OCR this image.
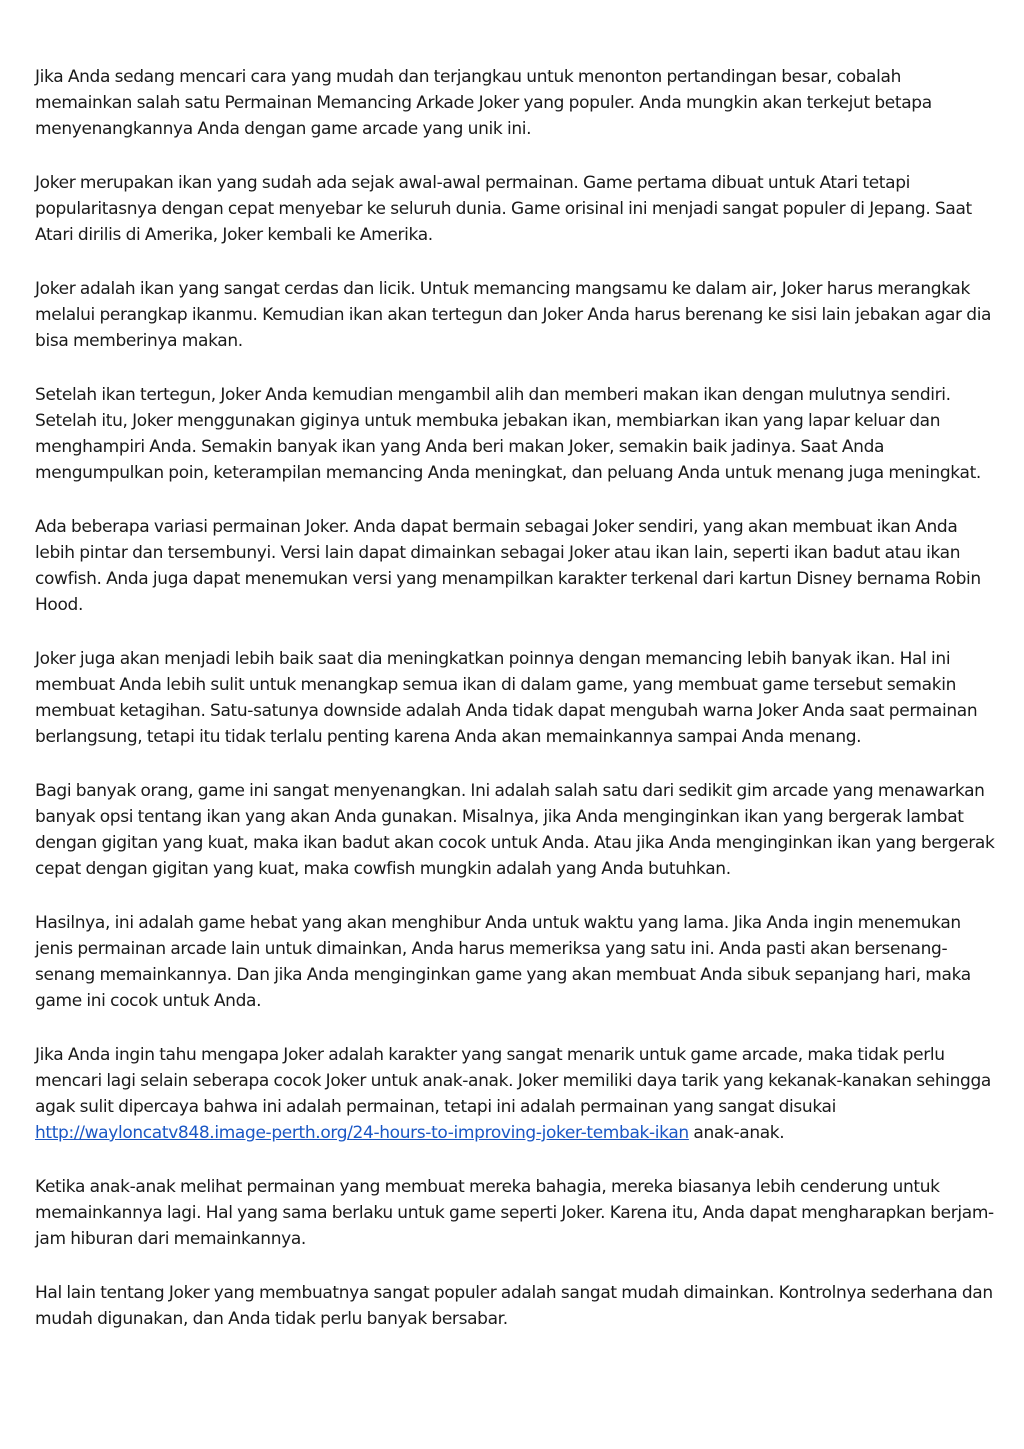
Jika Anda sedang mencari cara yang mudah dan terjangkau untuk menonton pertandingan besar, cobalah memainkan salah satu Permainan Memancing Arkade Joker yang populer. Anda mungkin akan terkejut betapa menyenangkannya Anda dengan game arcade yang unik ini.

Joker merupakan ikan yang sudah ada sejak awal-awal permainan. Game pertama dibuat untuk Atari tetapi popularitasnya dengan cepat menyebar ke seluruh dunia. Game orisinal ini menjadi sangat populer di Jepang. Saat Atari dirilis di Amerika, Joker kembali ke Amerika.

Joker adalah ikan yang sangat cerdas dan licik. Untuk memancing mangsamu ke dalam air, Joker harus merangkak melalui perangkap ikanmu. Kemudian ikan akan tertegun dan Joker Anda harus berenang ke sisi lain jebakan agar dia bisa memberinya makan.

Setelah ikan tertegun, Joker Anda kemudian mengambil alih dan memberi makan ikan dengan mulutnya sendiri. Setelah itu, Joker menggunakan giginya untuk membuka jebakan ikan, membiarkan ikan yang lapar keluar dan menghampiri Anda. Semakin banyak ikan yang Anda beri makan Joker, semakin baik jadinya. Saat Anda mengumpulkan poin, keterampilan memancing Anda meningkat, dan peluang Anda untuk menang juga meningkat.

Ada beberapa variasi permainan Joker. Anda dapat bermain sebagai Joker sendiri, yang akan membuat ikan Anda lebih pintar dan tersembunyi. Versi lain dapat dimainkan sebagai Joker atau ikan lain, seperti ikan badut atau ikan cowfish. Anda juga dapat menemukan versi yang menampilkan karakter terkenal dari kartun Disney bernama Robin Hood.

Joker juga akan menjadi lebih baik saat dia meningkatkan poinnya dengan memancing lebih banyak ikan. Hal ini membuat Anda lebih sulit untuk menangkap semua ikan di dalam game, yang membuat game tersebut semakin membuat ketagihan. Satu-satunya downside adalah Anda tidak dapat mengubah warna Joker Anda saat permainan berlangsung, tetapi itu tidak terlalu penting karena Anda akan memainkannya sampai Anda menang.

Bagi banyak orang, game ini sangat menyenangkan. Ini adalah salah satu dari sedikit gim arcade yang menawarkan banyak opsi tentang ikan yang akan Anda gunakan. Misalnya, jika Anda menginginkan ikan yang bergerak lambat dengan gigitan yang kuat, maka ikan badut akan cocok untuk Anda. Atau jika Anda menginginkan ikan yang bergerak cepat dengan gigitan yang kuat, maka cowfish mungkin adalah yang Anda butuhkan.

Hasilnya, ini adalah game hebat yang akan menghibur Anda untuk waktu yang lama. Jika Anda ingin menemukan jenis permainan arcade lain untuk dimainkan, Anda harus memeriksa yang satu ini. Anda pasti akan bersenang-senang memainkannya. Dan jika Anda menginginkan game yang akan membuat Anda sibuk sepanjang hari, maka game ini cocok untuk Anda.

Jika Anda ingin tahu mengapa Joker adalah karakter yang sangat menarik untuk game arcade, maka tidak perlu mencari lagi selain seberapa cocok Joker untuk anak-anak. Joker memiliki daya tarik yang kekanak-kanakan sehingga agak sulit dipercaya bahwa ini adalah permainan, tetapi ini adalah permainan yang sangat disukai http://wayloncatv848.image-perth.org/24-hours-to-improving-joker-tembak-ikan anak-anak.

Ketika anak-anak melihat permainan yang membuat mereka bahagia, mereka biasanya lebih cenderung untuk memainkannya lagi. Hal yang sama berlaku untuk game seperti Joker. Karena itu, Anda dapat mengharapkan berjam-jam hiburan dari memainkannya.

Hal lain tentang Joker yang membuatnya sangat populer adalah sangat mudah dimainkan. Kontrolnya sederhana dan mudah digunakan, dan Anda tidak perlu banyak bersabar.
